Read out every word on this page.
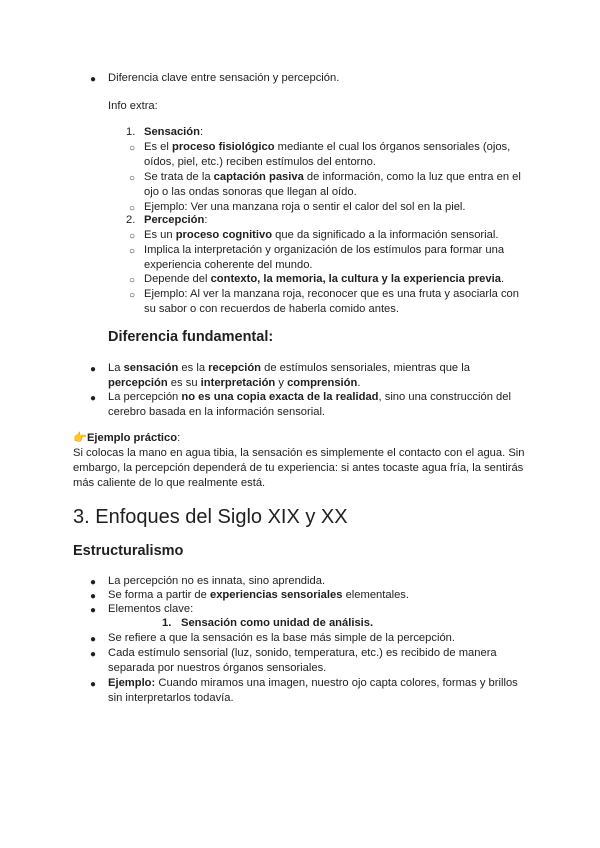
● Diferencia clave entre sensación y percepción.
Info extra:
1. Sensación:
○ Es el proceso fisiológico mediante el cual los órganos sensoriales (ojos,
oídos, piel, etc.) reciben estímulos del entorno.
○ Se trata de la captación pasiva de información, como la luz que entra en el
ojo o las ondas sonoras que llegan al oído.
○ Ejemplo: Ver una manzana roja o sentir el calor del sol en la piel.
2. Percepción:
○ Es un proceso cognitivo que da significado a la información sensorial.
○ Implica la interpretación y organización de los estímulos para formar una
experiencia coherente del mundo.
○ Depende del contexto, la memoria, la cultura y la experiencia previa.
○ Ejemplo: Al ver la manzana roja, reconocer que es una fruta y asociarla con
su sabor o con recuerdos de haberla comido antes.
Diferencia fundamental:
● La sensación es la recepción de estímulos sensoriales, mientras que la
percepción es su interpretación y comprensión.
● La percepción no es una copia exacta de la realidad, sino una construcción del
cerebro basada en la información sensorial.
👉Ejemplo práctico:
Si colocas la mano en agua tibia, la sensación es simplemente el contacto con el agua. Sin
embargo, la percepción dependerá de tu experiencia: si antes tocaste agua fría, la sentirás
más caliente de lo que realmente está.
3. Enfoques del Siglo XIX y XX
Estructuralismo
● La percepción no es innata, sino aprendida.
● Se forma a partir de experiencias sensoriales elementales.
● Elementos clave:
1. Sensación como unidad de análisis.
● Se refiere a que la sensación es la base más simple de la percepción.
● Cada estímulo sensorial (luz, sonido, temperatura, etc.) es recibido de manera
separada por nuestros órganos sensoriales.
● Ejemplo: Cuando miramos una imagen, nuestro ojo capta colores, formas y brillos
sin interpretarlos todavía.
